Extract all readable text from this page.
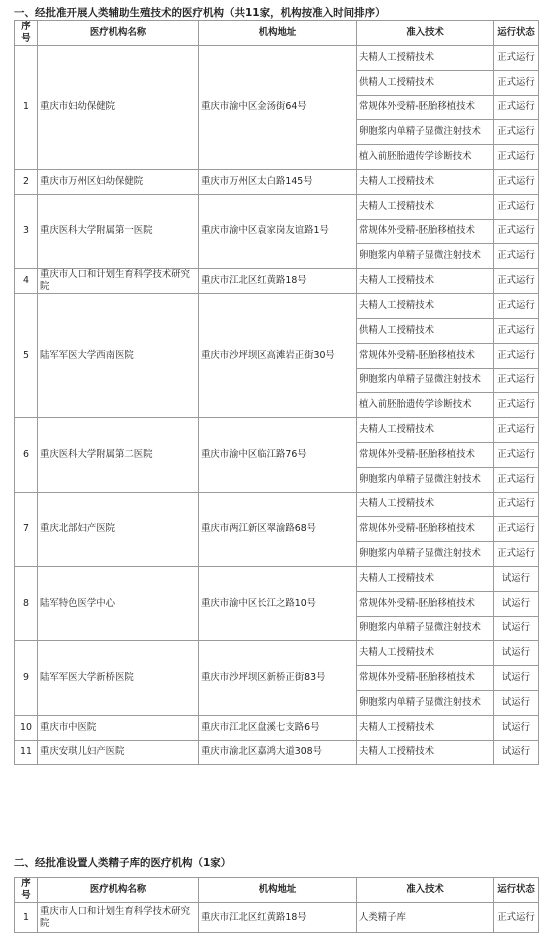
一、经批准开展人类辅助生殖技术的医疗机构（共11家，机构按准入时间排序）
序号	医疗机构名称	机构地址	准入技术	运行状态
1	重庆市妇幼保健院	重庆市渝中区金汤街64号	夫精人工授精技术	正式运行
			供精人工授精技术	正式运行
			常规体外受精-胚胎移植技术	正式运行
			卵胞浆内单精子显微注射技术	正式运行
			植入前胚胎遗传学诊断技术	正式运行
2	重庆市万州区妇幼保健院	重庆市万州区太白路145号	夫精人工授精技术	正式运行
3	重庆医科大学附属第一医院	重庆市渝中区袁家岗友谊路1号	夫精人工授精技术	正式运行
			常规体外受精-胚胎移植技术	正式运行
			卵胞浆内单精子显微注射技术	正式运行
4	重庆市人口和计划生育科学技术研究院	重庆市江北区红黄路18号	夫精人工授精技术	正式运行
5	陆军军医大学西南医院	重庆市沙坪坝区高滩岩正街30号	夫精人工授精技术	正式运行
			供精人工授精技术	正式运行
			常规体外受精-胚胎移植技术	正式运行
			卵胞浆内单精子显微注射技术	正式运行
			植入前胚胎遗传学诊断技术	正式运行
6	重庆医科大学附属第二医院	重庆市渝中区临江路76号	夫精人工授精技术	正式运行
			常规体外受精-胚胎移植技术	正式运行
			卵胞浆内单精子显微注射技术	正式运行
7	重庆北部妇产医院	重庆市两江新区翠渝路68号	夫精人工授精技术	正式运行
			常规体外受精-胚胎移植技术	正式运行
			卵胞浆内单精子显微注射技术	正式运行
8	陆军特色医学中心	重庆市渝中区长江之路10号	夫精人工授精技术	试运行
			常规体外受精-胚胎移植技术	试运行
			卵胞浆内单精子显微注射技术	试运行
9	陆军军医大学新桥医院	重庆市沙坪坝区新桥正街83号	夫精人工授精技术	试运行
			常规体外受精-胚胎移植技术	试运行
			卵胞浆内单精子显微注射技术	试运行
10	重庆市中医院	重庆市江北区盘溪七支路6号	夫精人工授精技术	试运行
11	重庆安琪儿妇产医院	重庆市渝北区嘉鸿大道308号	夫精人工授精技术	试运行
二、经批准设置人类精子库的医疗机构（1家）
序号	医疗机构名称	机构地址	准入技术	运行状态
1	重庆市人口和计划生育科学技术研究院	重庆市江北区红黄路18号	人类精子库	正式运行
